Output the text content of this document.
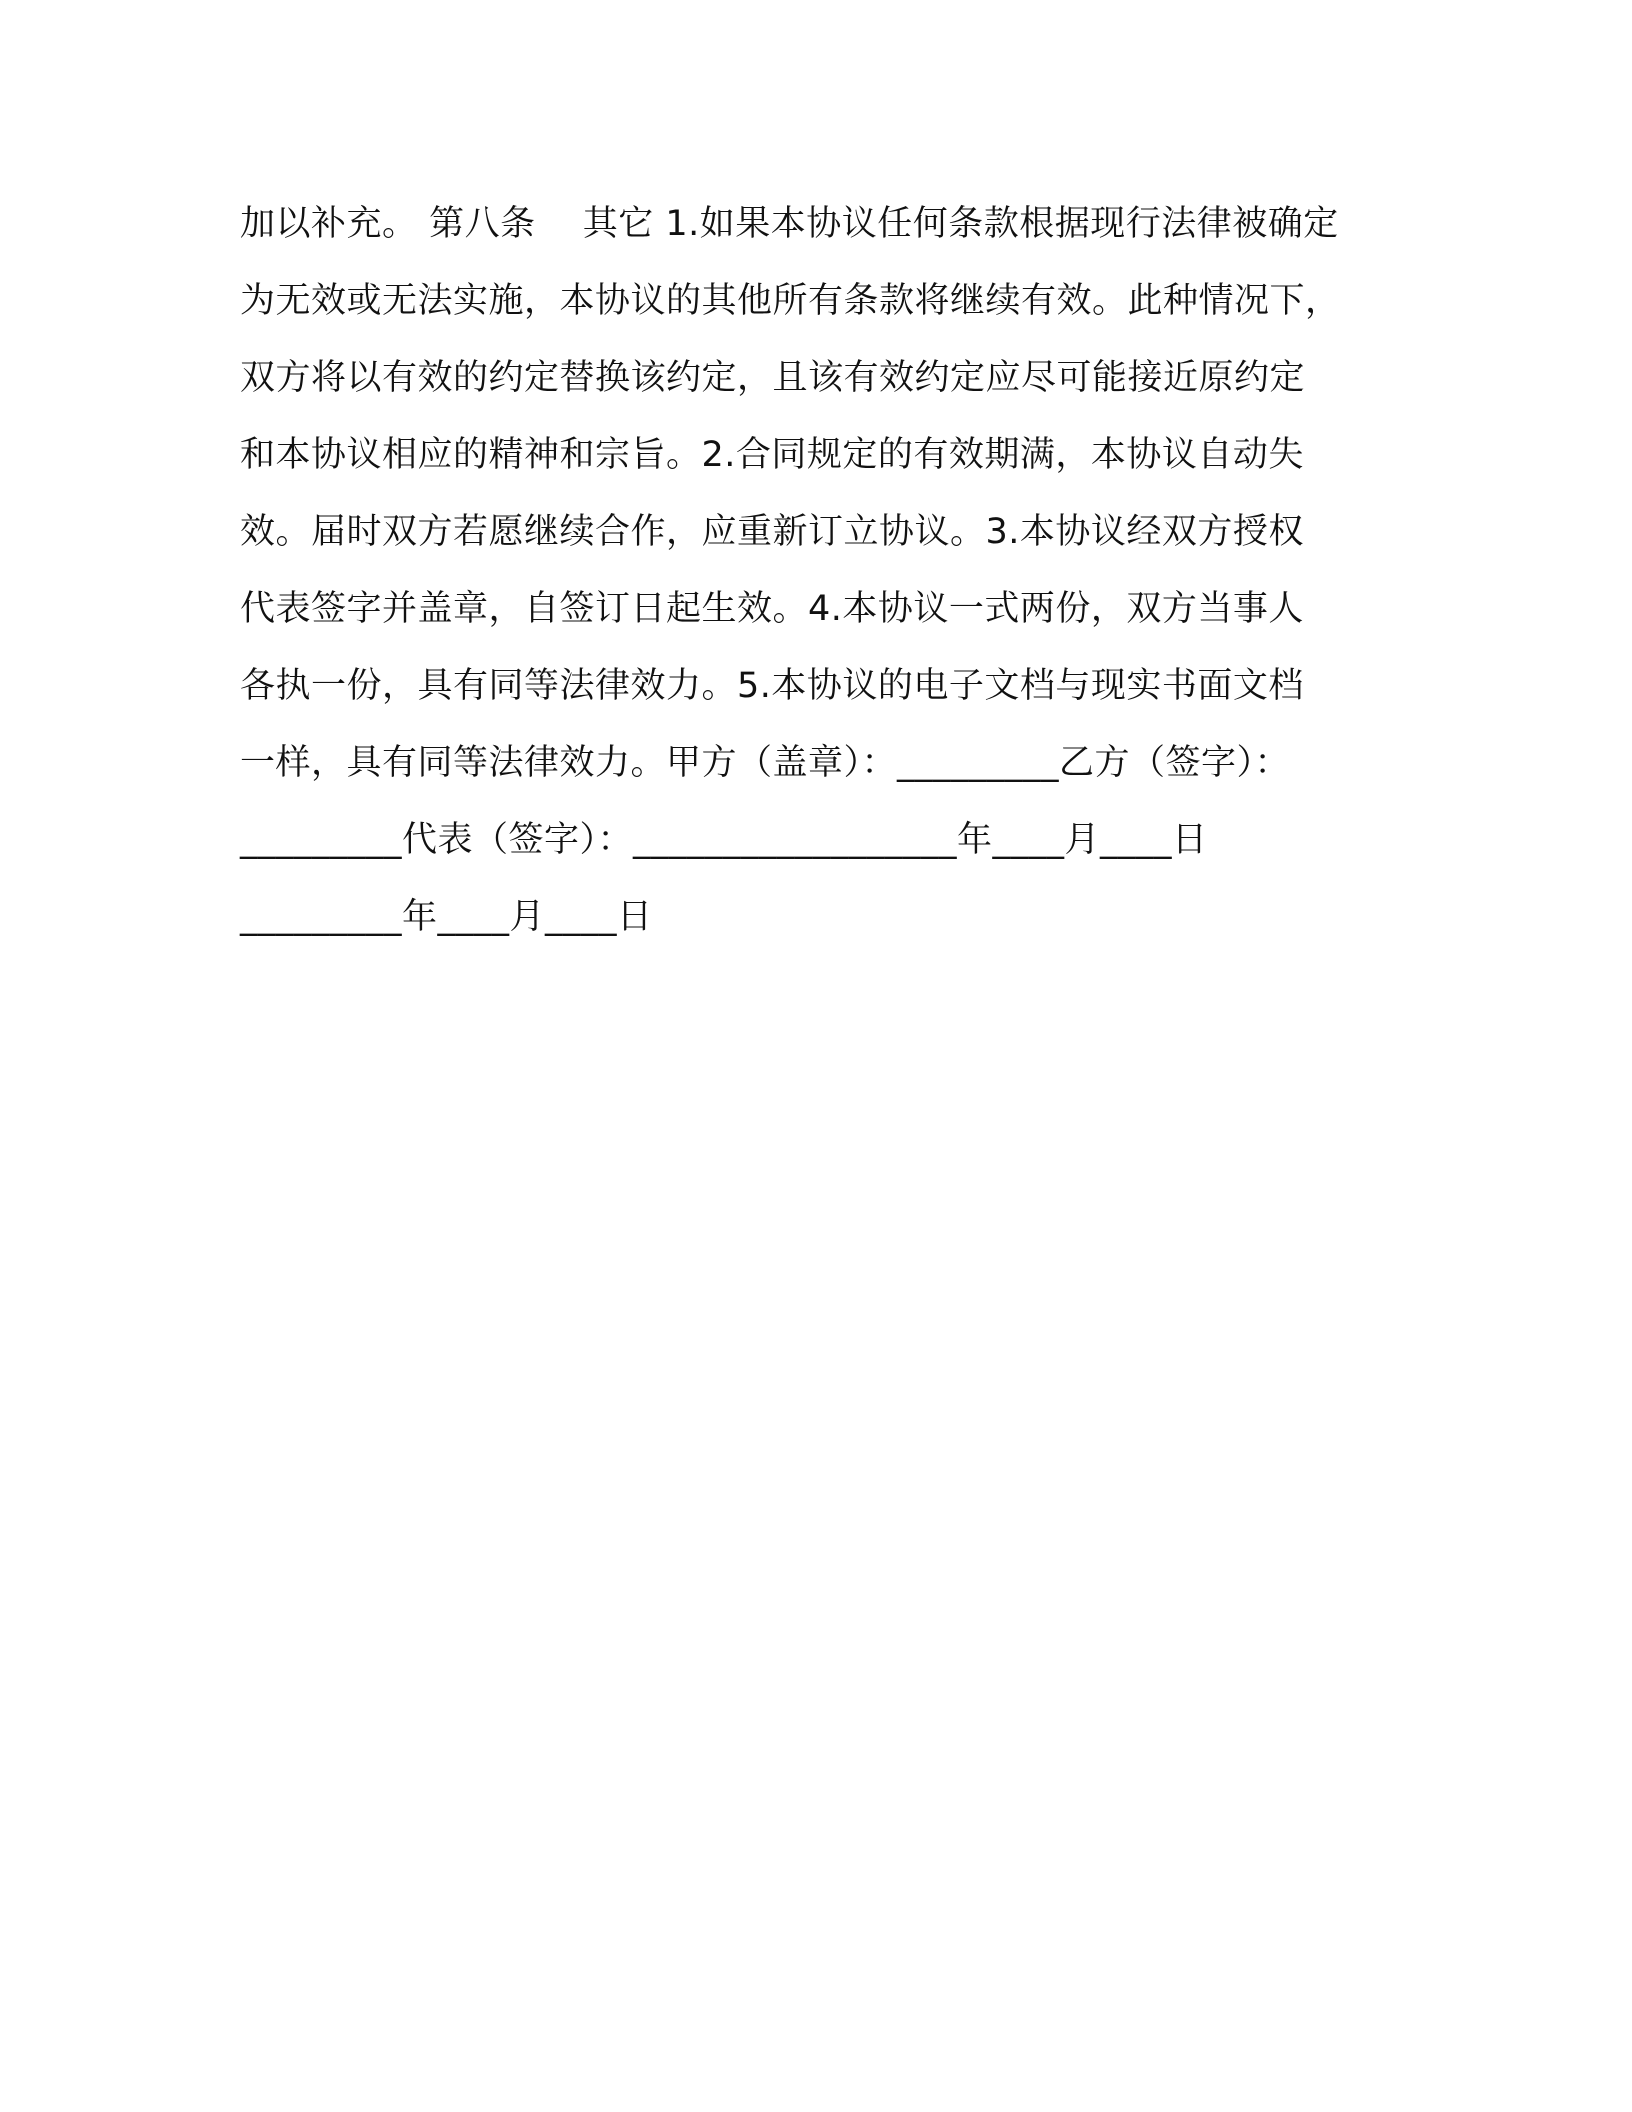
加以补充。 第八条　 其它 1.如果本协议任何条款根据现行法律被确定
为无效或无法实施，本协议的其他所有条款将继续有效。此种情况下，
双方将以有效的约定替换该约定，且该有效约定应尽可能接近原约定
和本协议相应的精神和宗旨。2.合同规定的有效期满，本协议自动失
效。届时双方若愿继续合作，应重新订立协议。3.本协议经双方授权
代表签字并盖章，自签订日起生效。4.本协议一式两份，双方当事人
各执一份，具有同等法律效力。5.本协议的电子文档与现实书面文档
一样，具有同等法律效力。甲方（盖章）：_________乙方（签字）：
_________代表（签字）：__________________年____月____日
_________年____月____日
